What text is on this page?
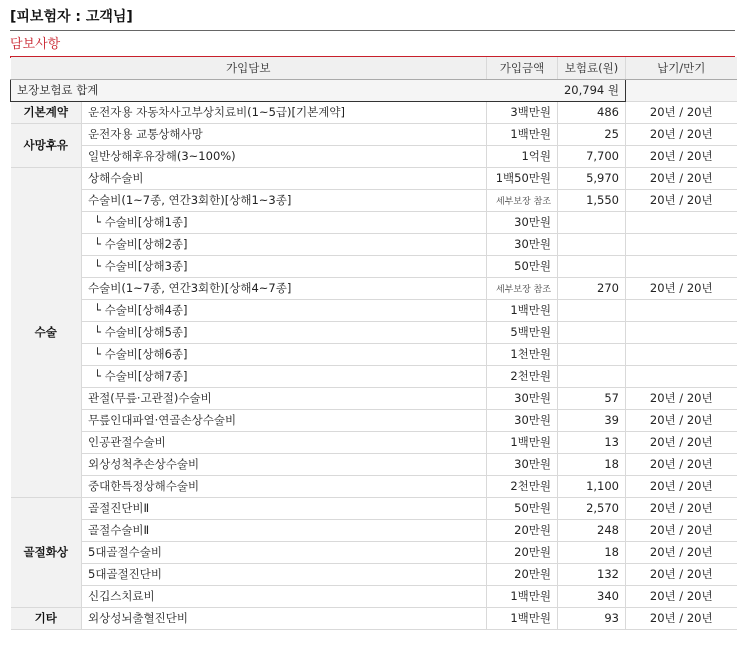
[피보험자 : 고객님]
담보사항
가입담보		가입금액	보험료(원)	납기/만기
보장보험료 합계			20,794 원	
기본계약	운전자용 자동차사고부상치료비(1~5급)[기본계약]	3백만원	486	20년 / 20년
사망후유	운전자용 교통상해사망	1백만원	25	20년 / 20년
	일반상해후유장해(3~100%)	1억원	7,700	20년 / 20년
수술	상해수술비	1백50만원	5,970	20년 / 20년
	수술비(1~7종, 연간3회한)[상해1~3종]	세부보장 참조	1,550	20년 / 20년
	└ 수술비[상해1종]	30만원		
	└ 수술비[상해2종]	30만원		
	└ 수술비[상해3종]	50만원		
	수술비(1~7종, 연간3회한)[상해4~7종]	세부보장 참조	270	20년 / 20년
	└ 수술비[상해4종]	1백만원		
	└ 수술비[상해5종]	5백만원		
	└ 수술비[상해6종]	1천만원		
	└ 수술비[상해7종]	2천만원		
	관절(무릎·고관절)수술비	30만원	57	20년 / 20년
	무릎인대파열·연골손상수술비	30만원	39	20년 / 20년
	인공관절수술비	1백만원	13	20년 / 20년
	외상성척추손상수술비	30만원	18	20년 / 20년
	중대한특정상해수술비	2천만원	1,100	20년 / 20년
골절화상	골절진단비Ⅱ	50만원	2,570	20년 / 20년
	골절수술비Ⅱ	20만원	248	20년 / 20년
	5대골절수술비	20만원	18	20년 / 20년
	5대골절진단비	20만원	132	20년 / 20년
	신깁스치료비	1백만원	340	20년 / 20년
기타	외상성뇌출혈진단비	1백만원	93	20년 / 20년
